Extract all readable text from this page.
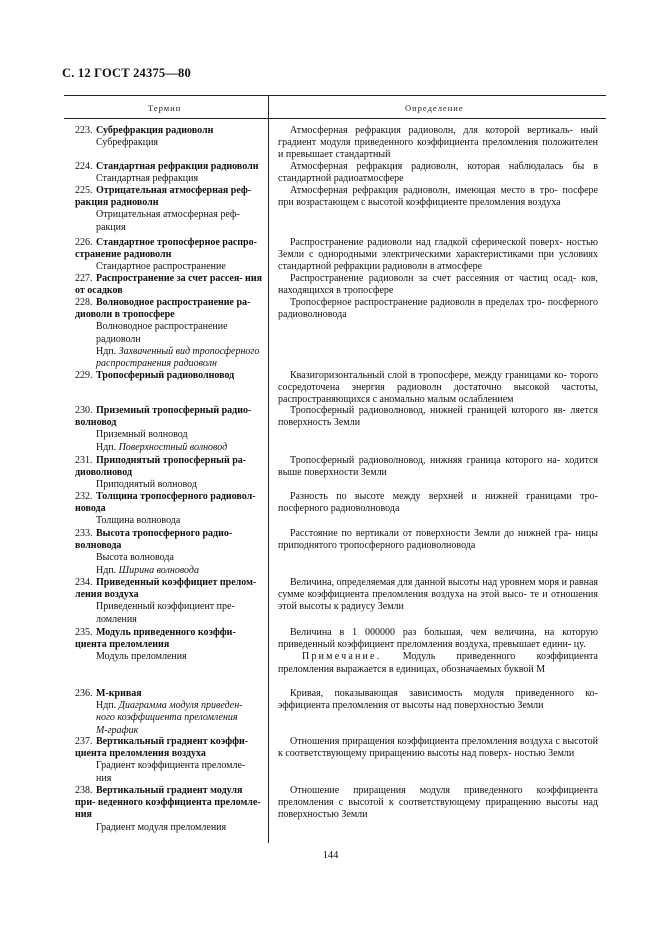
С. 12 ГОСТ 24375—80
Термин	Определение
223. Субрефракция радиоволн
Субрефракция

Атмосферная рефракция радиоволн, для которой вертикаль- ный градиент модуля приведенного коэффициента преломления положителен и превышает стандартный

224. Стандартная рефракция радиоволн
Стандартная рефракция

Атмосферная рефракция радиоволн, которая наблюдалась бы в стандартной радиоатмосфере

225. Отрицательная атмосферная реф- ракция радиоволн
Отрицательная атмосферная реф-
ракция

Атмосферная рефракция радиоволн, имеющая место в тро- посфере при возрастающем с высотой коэффициенте преломления воздуха

226. Стандартное тропосферное распро- странение радиоволн
Стандартное распространение

Распространение радиоволи над гладкой сферической поверх- ностью Земли с однородными электрическими характеристиками при условиях стандартной рефракции радиоволн в атмосфере

227. Распространение за счет рассея- ния от осадков

Распространение радиоволн за счет рассеяния от частиц осад- ков, находящихся в тропосфере

228. Волноводное распространение ра- диоволн в тропосфере
Волноводное распространение
радиоволн
Ндп. Захваченный вид тропосферного
распространения радиоволн

Тропосферное распространение радиоволн в пределах тро- посферного радиоволновода

229. Тропосферный радиоволновод	Квазигоризонтальный слой в тропосфере, между границами ко- торого сосредоточена энергия радиоволн достаточно высокой частоты, распространяющихся с аномально малым ослаблением

230. Приземный тропосферный радио- волновод
Приземный волновод
Ндп. Поверхностный волновод

Тропосферный радиоволновод, нижней границей которого яв- ляется поверхность Земли

231. Приподнятый тропосферный ра- диоволновод
Приподнятый волновод

Тропосферный радиоволновод, нижняя граница которого на- ходится выше поверхности Земли

232. Толщина тропосферного радиовол- новода
Толщина волновода

Разность по высоте между верхней и нижней границами тро- посферного радиоволновода

233. Высота тропосферного радио- волновода
Высота волновода
Ндп. Ширина волновода

Расстояние по вертикали от поверхности Земли до нижней гра- ницы приподнятого тропосферного радиоволновода

234. Приведенный коэффициет прелом- ления воздуха
Приведенный коэффициент пре-
ломления

Величина, определяемая для данной высоты над уровнем моря и равная сумме коэффициента преломления воздуха на этой высо- те и отношения этой высоты к радиусу Земли

235. Модуль приведенного коэффи- циента преломления
Модуль преломления

Величина в 1 000000 раз большая, чем величина, на которую приведенный коэффициент преломления воздуха, превышает едини- цу.

Примечание. Модуль приведенного коэффициента преломления выражается в единицах, обозначаемых буквой М

236. М-кривая
Ндп. Диаграмма модуля приведен-
ного коэффициента преломления
М-график

Кривая, показывающая зависимость модуля приведенного ко- эффициента преломления от высоты над поверхностью Земли

237. Вертикальный градиент коэффи- циента преломления воздуха
Градиент коэффициента преломле-
ния

Отношения приращения коэффициента преломления воздуха с высотой к соответствующему приращению высоты над поверх- ностью Земли

238. Вертикальный градиент модуля при- веденного коэффициента преломле- ния
Градиент модуля преломления

Отношение приращения модуля приведенного коэффициента преломления с высотой к соответствующему приращению высоты над поверхностью Земли

144
